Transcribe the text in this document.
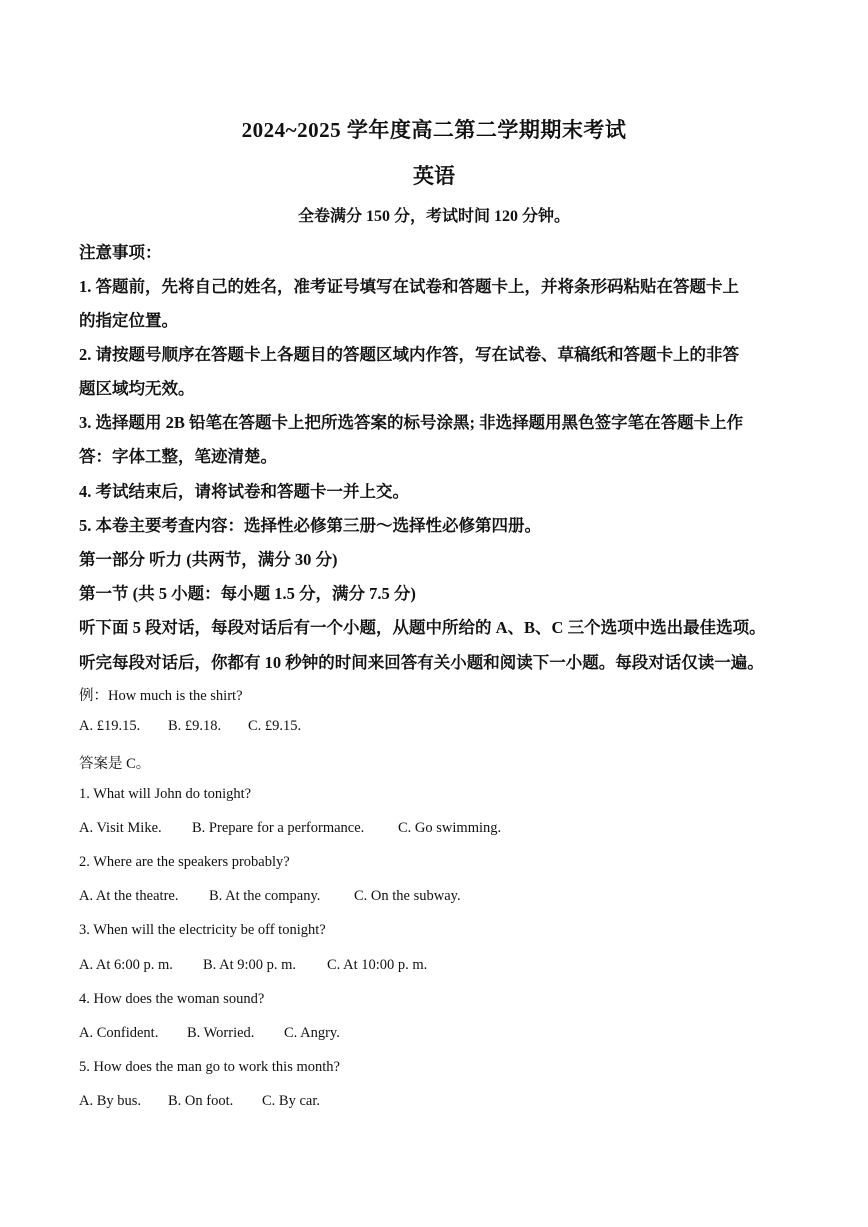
2024~2025 学年度高二第二学期期末考试
英语
全卷满分 150 分，考试时间 120 分钟。
注意事项：
1. 答题前，先将自己的姓名，准考证号填写在试卷和答题卡上，并将条形码粘贴在答题卡上
的指定位置。
2. 请按题号顺序在答题卡上各题目的答题区域内作答，写在试卷、草稿纸和答题卡上的非答
题区域均无效。
3. 选择题用 2B 铅笔在答题卡上把所选答案的标号涂黑; 非选择题用黑色签字笔在答题卡上作
答：字体工整，笔迹清楚。
4. 考试结束后，请将试卷和答题卡一并上交。
5. 本卷主要考查内容：选择性必修第三册～选择性必修第四册。
第一部分 听力 (共两节，满分 30 分)
第一节 (共 5 小题：每小题 1.5 分，满分 7.5 分)
听下面 5 段对话，每段对话后有一个小题，从题中所给的 A、B、C 三个选项中选出最佳选项。
听完每段对话后，你都有 10 秒钟的时间来回答有关小题和阅读下一小题。每段对话仅读一遍。
例：How much is the shirt?
A. £19.15. B. £9.18. C. £9.15.
答案是 C。
1. What will John do tonight?
A. Visit Mike. B. Prepare for a performance. C. Go swimming.
2. Where are the speakers probably?
A. At the theatre. B. At the company. C. On the subway.
3. When will the electricity be off tonight?
A. At 6:00 p. m. B. At 9:00 p. m. C. At 10:00 p. m.
4. How does the woman sound?
A. Confident. B. Worried. C. Angry.
5. How does the man go to work this month?
A. By bus. B. On foot. C. By car.
